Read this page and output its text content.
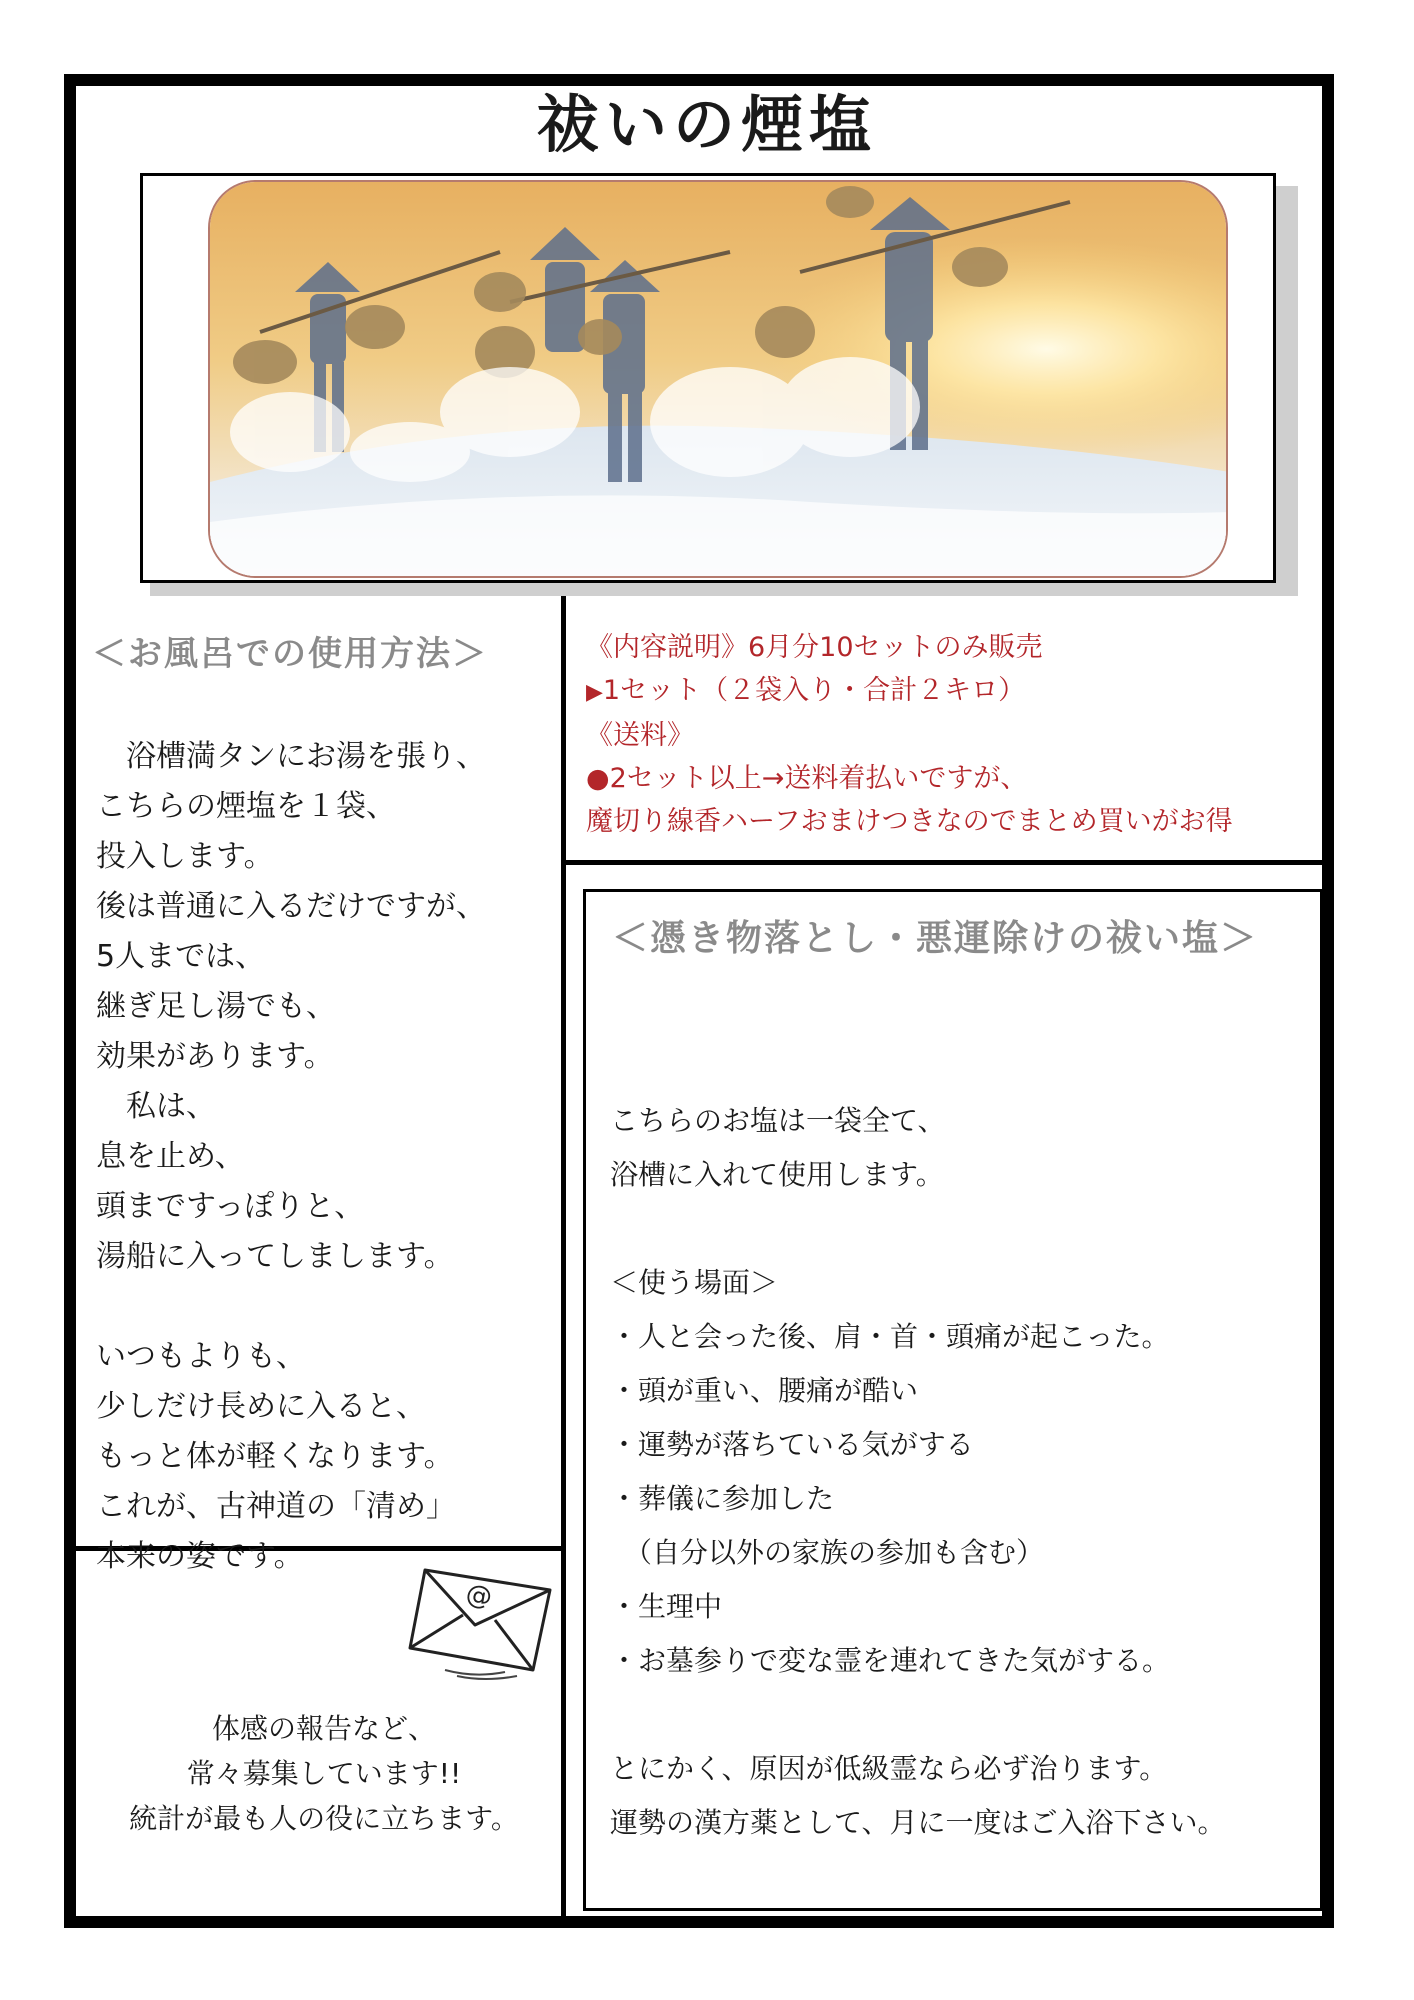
祓いの煙塩
＜お風呂での使用方法＞

　浴槽満タンにお湯を張り、
こちらの煙塩を１袋、
投入します。
後は普通に入るだけですが、
5人までは、
継ぎ足し湯でも、
効果があります。
　私は、
息を止め、
頭まですっぽりと、
湯船に入ってしまします。

いつもよりも、
少しだけ長めに入ると、
もっと体が軽くなります。
これが、古神道の「清め」
本来の姿です。

《内容説明》6月分10セットのみ販売
▶1セット（２袋入り・合計２キロ）
《送料》
●2セット以上→送料着払いですが、
魔切り線香ハーフおまけつきなのでまとめ買いがお得
＜憑き物落とし・悪運除けの祓い塩＞

こちらのお塩は一袋全て、
浴槽に入れて使用します。

＜使う場面＞
・人と会った後、肩・首・頭痛が起こった。
・頭が重い、腰痛が酷い
・運勢が落ちている気がする
・葬儀に参加した
　（自分以外の家族の参加も含む）
・生理中
・お墓参りで変な霊を連れてきた気がする。

とにかく、原因が低級霊なら必ず治ります。
運勢の漢方薬として、月に一度はご入浴下さい。

@
体感の報告など、
常々募集しています!!
統計が最も人の役に立ちます。
